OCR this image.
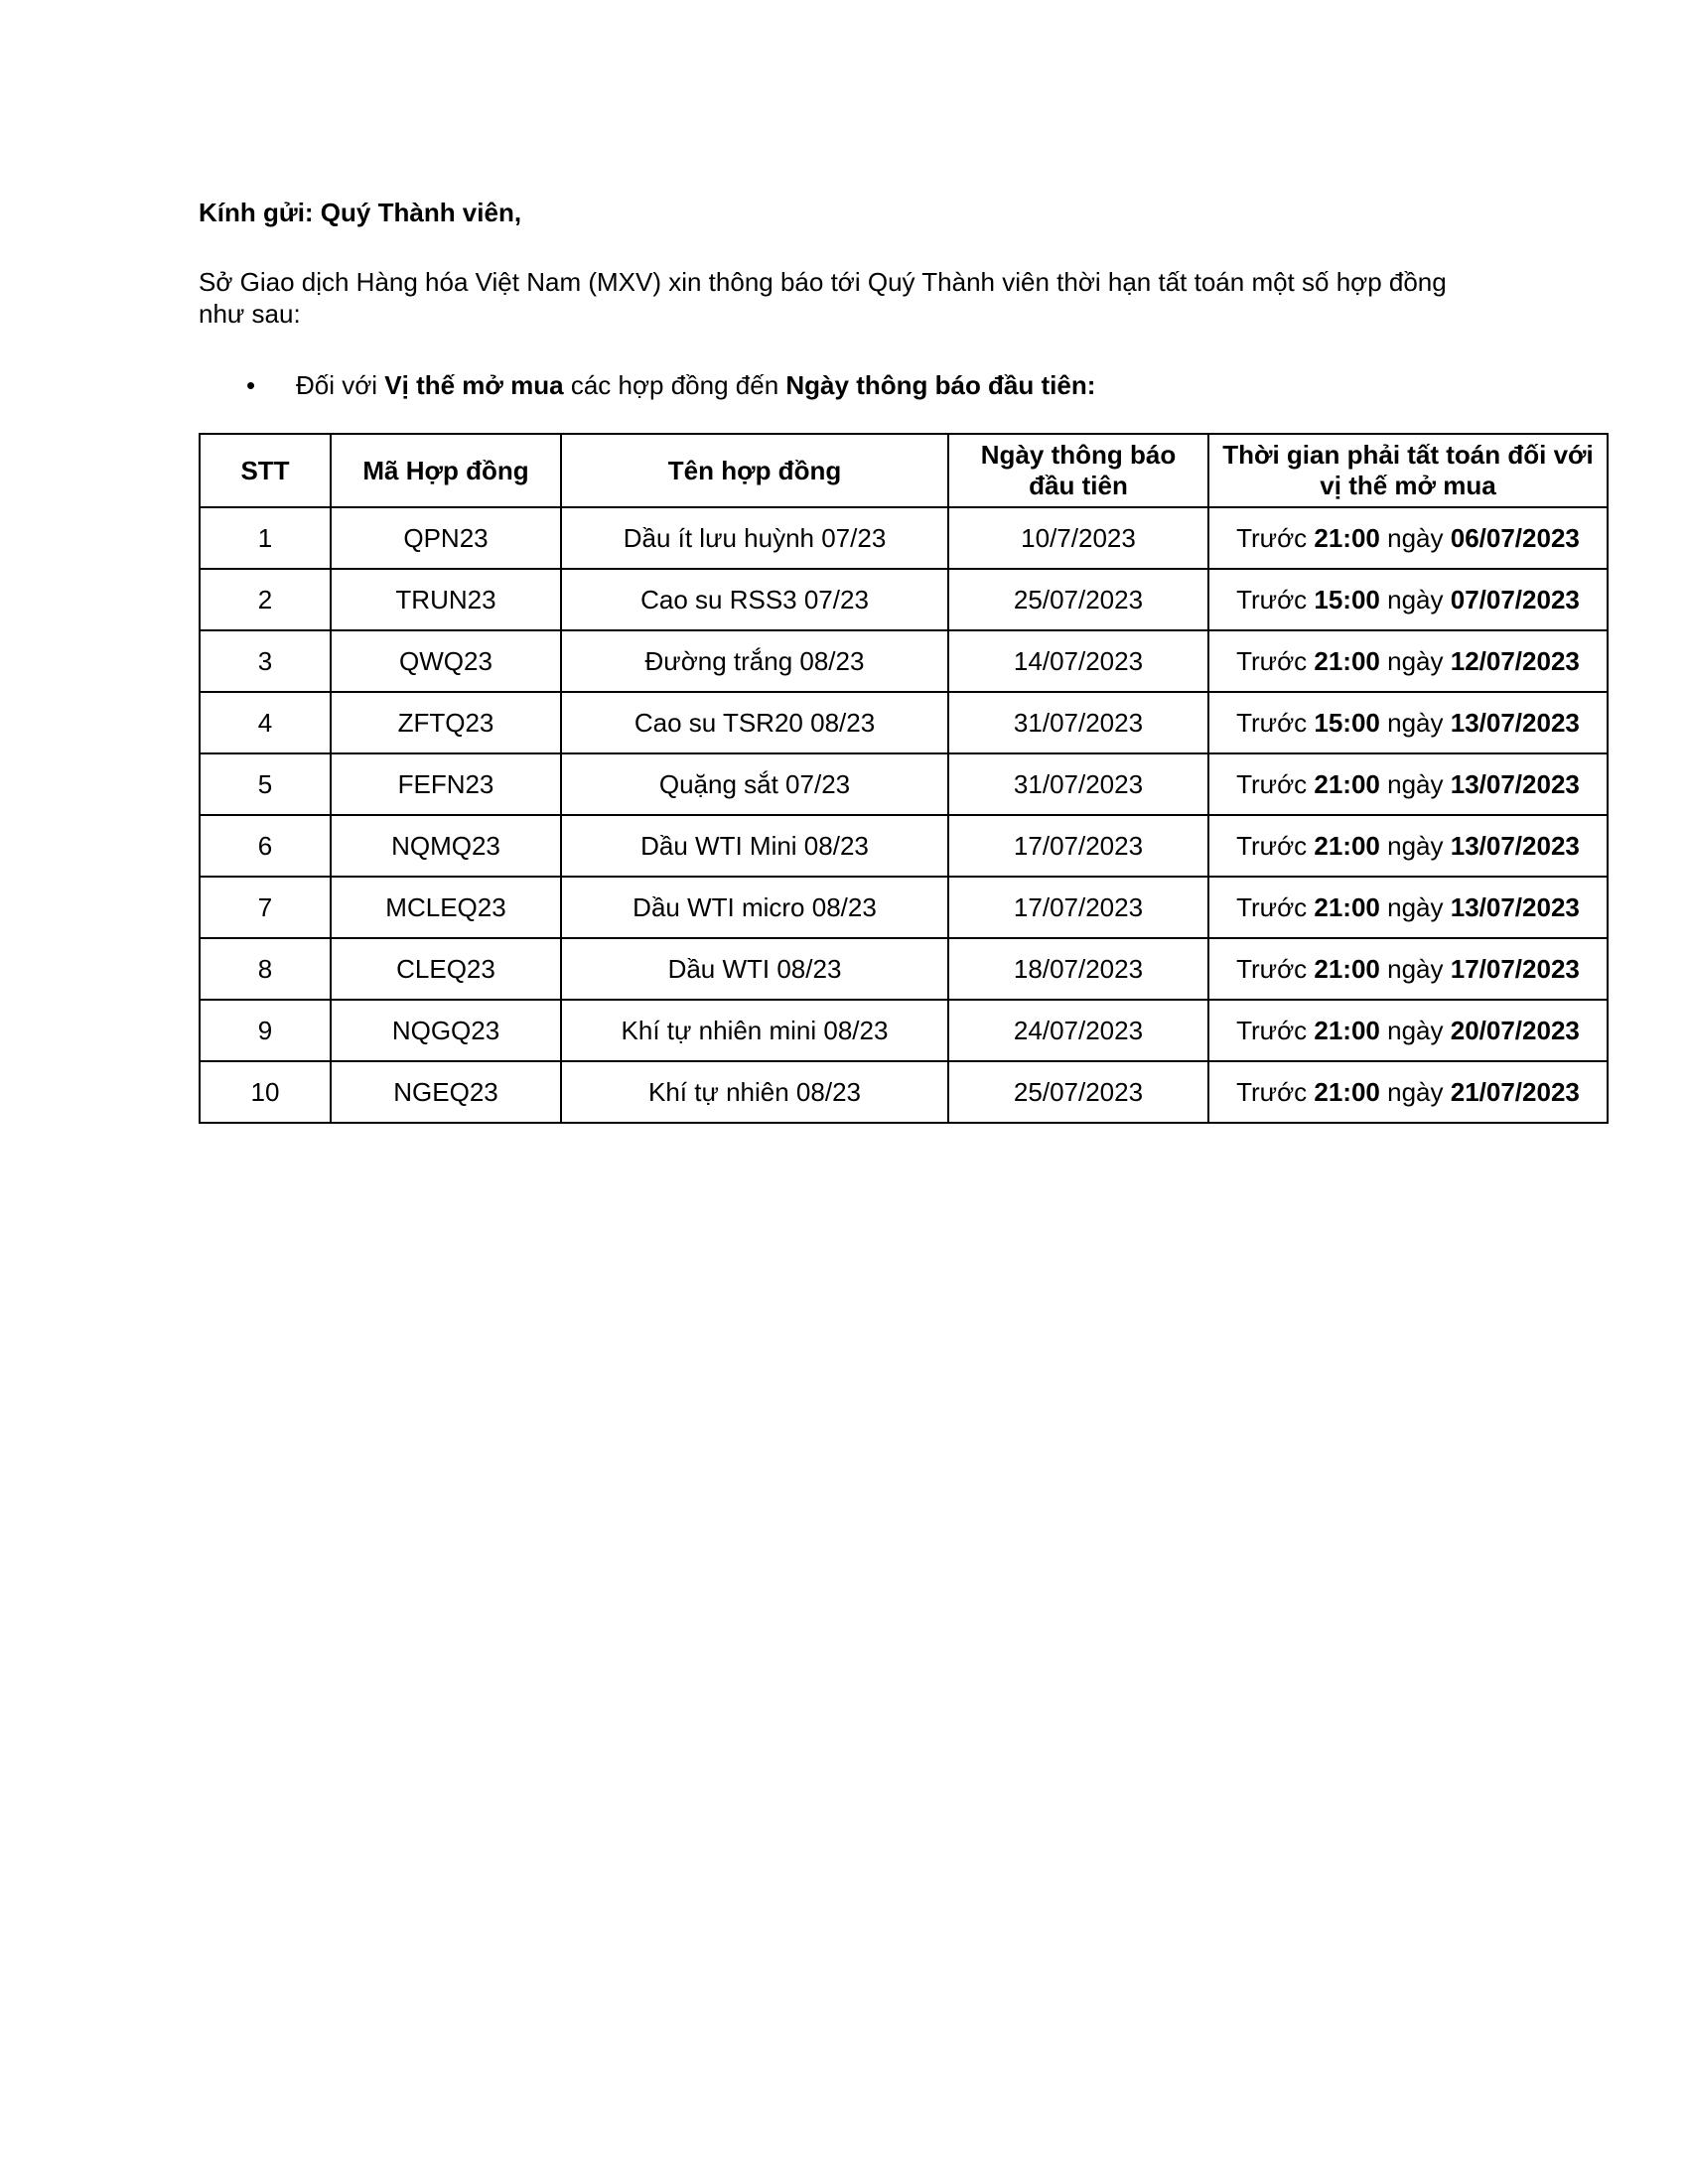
Kính gửi: Quý Thành viên,
Sở Giao dịch Hàng hóa Việt Nam (MXV) xin thông báo tới Quý Thành viên thời hạn tất toán một số hợp đồng như sau:
•	Đối với Vị thế mở mua các hợp đồng đến Ngày thông báo đầu tiên:
STT	Mã Hợp đồng	Tên hợp đồng	Ngày thông báo đầu tiên	Thời gian phải tất toán đối với vị thế mở mua
1	QPN23	Dầu ít lưu huỳnh 07/23	10/7/2023	Trước 21:00 ngày 06/07/2023
2	TRUN23	Cao su RSS3 07/23	25/07/2023	Trước 15:00 ngày 07/07/2023
3	QWQ23	Đường trắng 08/23	14/07/2023	Trước 21:00 ngày 12/07/2023
4	ZFTQ23	Cao su TSR20 08/23	31/07/2023	Trước 15:00 ngày 13/07/2023
5	FEFN23	Quặng sắt 07/23	31/07/2023	Trước 21:00 ngày 13/07/2023
6	NQMQ23	Dầu WTI Mini 08/23	17/07/2023	Trước 21:00 ngày 13/07/2023
7	MCLEQ23	Dầu WTI micro 08/23	17/07/2023	Trước 21:00 ngày 13/07/2023
8	CLEQ23	Dầu WTI 08/23	18/07/2023	Trước 21:00 ngày 17/07/2023
9	NQGQ23	Khí tự nhiên mini 08/23	24/07/2023	Trước 21:00 ngày 20/07/2023
10	NGEQ23	Khí tự nhiên 08/23	25/07/2023	Trước 21:00 ngày 21/07/2023
